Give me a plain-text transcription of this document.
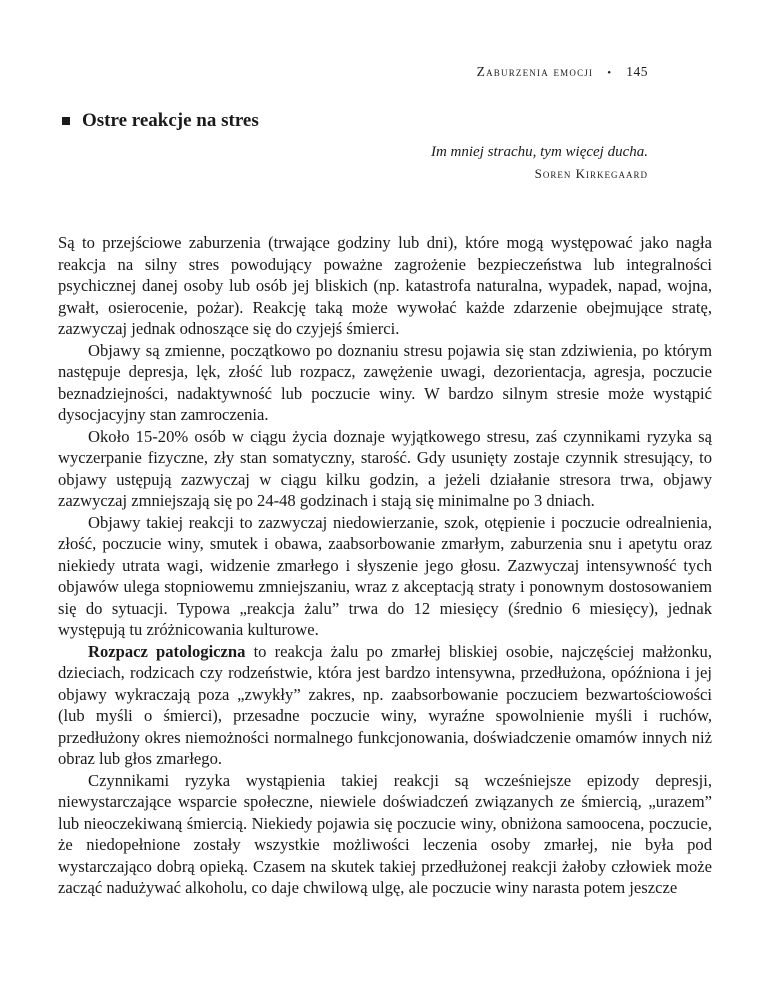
Zaburzenia emocji • 145
Ostre reakcje na stres
Im mniej strachu, tym więcej ducha.
Soren Kirkegaard

Są to przejściowe zaburzenia (trwające godziny lub dni), które mogą występować jako nagła reakcja na silny stres powodujący poważne zagrożenie bezpieczeństwa lub integralności psychicznej danej osoby lub osób jej bliskich (np. katastrofa naturalna, wypadek, napad, wojna, gwałt, osierocenie, pożar). Reakcję taką może wywołać każde zdarzenie obejmujące stratę, zazwyczaj jednak odnoszące się do czyjejś śmierci.

Objawy są zmienne, początkowo po doznaniu stresu pojawia się stan zdziwienia, po którym następuje depresja, lęk, złość lub rozpacz, zawężenie uwagi, dezorientacja, agresja, poczucie beznadziejności, nadaktywność lub poczucie winy. W bardzo silnym stresie może wystąpić dysocjacyjny stan zamroczenia.

Około 15-20% osób w ciągu życia doznaje wyjątkowego stresu, zaś czynnikami ryzyka są wyczerpanie fizyczne, zły stan somatyczny, starość. Gdy usunięty zostaje czynnik stresujący, to objawy ustępują zazwyczaj w ciągu kilku godzin, a jeżeli działanie stresora trwa, objawy zazwyczaj zmniejszają się po 24-48 godzinach i stają się minimalne po 3 dniach.

Objawy takiej reakcji to zazwyczaj niedowierzanie, szok, otępienie i poczucie odrealnienia, złość, poczucie winy, smutek i obawa, zaabsorbowanie zmarłym, zaburzenia snu i apetytu oraz niekiedy utrata wagi, widzenie zmarłego i słyszenie jego głosu. Zazwyczaj intensywność tych objawów ulega stopniowemu zmniejszaniu, wraz z akceptacją straty i ponownym dostosowaniem się do sytuacji. Typowa „reakcja żalu” trwa do 12 miesięcy (średnio 6 miesięcy), jednak występują tu zróżnicowania kulturowe.

Rozpacz patologiczna to reakcja żalu po zmarłej bliskiej osobie, najczęściej małżonku, dzieciach, rodzicach czy rodzeństwie, która jest bardzo intensywna, przedłużona, opóźniona i jej objawy wykraczają poza „zwykły” zakres, np. zaabsorbowanie poczuciem bezwartościowości (lub myśli o śmierci), przesadne poczucie winy, wyraźne spowolnienie myśli i ruchów, przedłużony okres niemożności normalnego funkcjonowania, doświadczenie omamów innych niż obraz lub głos zmarłego.

Czynnikami ryzyka wystąpienia takiej reakcji są wcześniejsze epizody depresji, niewystarczające wsparcie społeczne, niewiele doświadczeń związanych ze śmiercią, „urazem” lub nieoczekiwaną śmiercią. Niekiedy pojawia się poczucie winy, obniżona samoocena, poczucie, że niedopełnione zostały wszystkie możliwości leczenia osoby zmarłej, nie była pod wystarczająco dobrą opieką. Czasem na skutek takiej przedłużonej reakcji żałoby człowiek może zacząć nadużywać alkoholu, co daje chwilową ulgę, ale poczucie winy narasta potem jeszcze
